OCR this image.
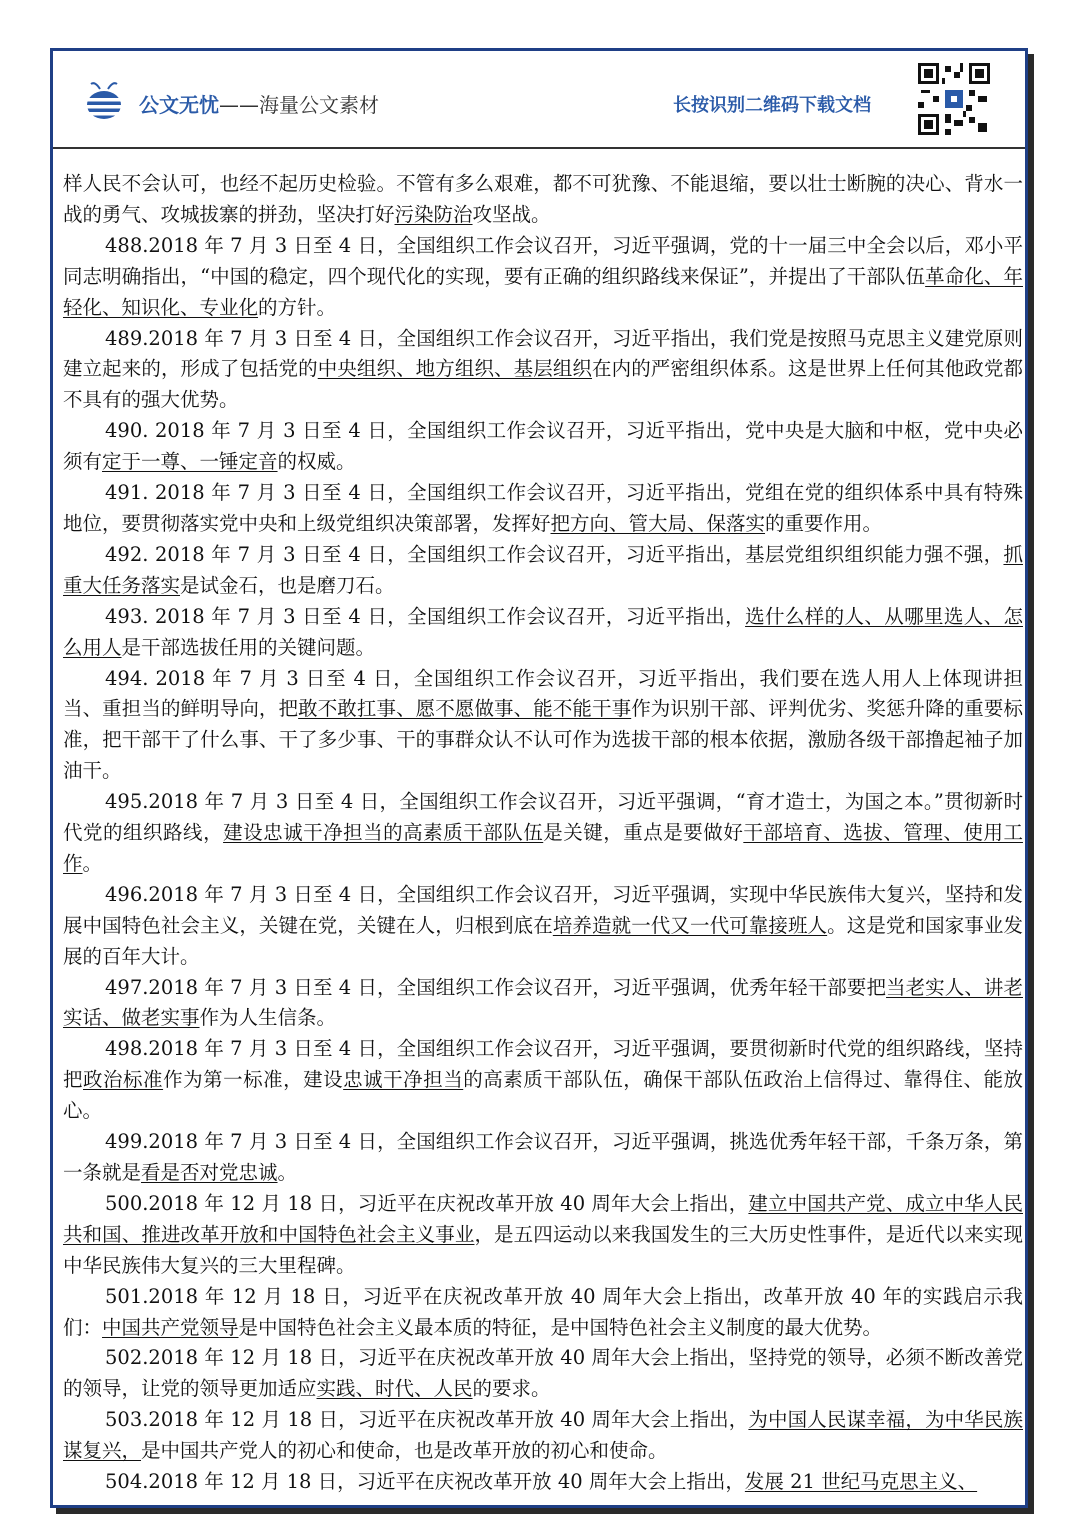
公文无忧——海量公文素材	长按识别二维码下载文档

样人民不会认可，也经不起历史检验。不管有多么艰难，都不可犹豫、不能退缩，要以壮士断腕的决心、背水一战的勇气、攻城拔寨的拼劲，坚决打好污染防治攻坚战。

488.2018 年 7 月 3 日至 4 日，全国组织工作会议召开，习近平强调，党的十一届三中全会以后，邓小平同志明确指出，“中国的稳定，四个现代化的实现，要有正确的组织路线来保证”，并提出了干部队伍革命化、年轻化、知识化、专业化的方针。

489.2018 年 7 月 3 日至 4 日，全国组织工作会议召开，习近平指出，我们党是按照马克思主义建党原则建立起来的，形成了包括党的中央组织、地方组织、基层组织在内的严密组织体系。这是世界上任何其他政党都不具有的强大优势。

490. 2018 年 7 月 3 日至 4 日，全国组织工作会议召开，习近平指出，党中央是大脑和中枢，党中央必须有定于一尊、一锤定音的权威。

491. 2018 年 7 月 3 日至 4 日，全国组织工作会议召开，习近平指出，党组在党的组织体系中具有特殊地位，要贯彻落实党中央和上级党组织决策部署，发挥好把方向、管大局、保落实的重要作用。

492. 2018 年 7 月 3 日至 4 日，全国组织工作会议召开，习近平指出，基层党组织组织能力强不强，抓重大任务落实是试金石，也是磨刀石。

493. 2018 年 7 月 3 日至 4 日，全国组织工作会议召开，习近平指出，选什么样的人、从哪里选人、怎么用人是干部选拔任用的关键问题。

494. 2018 年 7 月 3 日至 4 日，全国组织工作会议召开，习近平指出，我们要在选人用人上体现讲担当、重担当的鲜明导向，把敢不敢扛事、愿不愿做事、能不能干事作为识别干部、评判优劣、奖惩升降的重要标准，把干部干了什么事、干了多少事、干的事群众认不认可作为选拔干部的根本依据，激励各级干部撸起袖子加油干。

495.2018 年 7 月 3 日至 4 日，全国组织工作会议召开，习近平强调，“育才造士，为国之本。”贯彻新时代党的组织路线，建设忠诚干净担当的高素质干部队伍是关键，重点是要做好干部培育、选拔、管理、使用工作。

496.2018 年 7 月 3 日至 4 日，全国组织工作会议召开，习近平强调，实现中华民族伟大复兴，坚持和发展中国特色社会主义，关键在党，关键在人，归根到底在培养造就一代又一代可靠接班人。这是党和国家事业发展的百年大计。

497.2018 年 7 月 3 日至 4 日，全国组织工作会议召开，习近平强调，优秀年轻干部要把当老实人、讲老实话、做老实事作为人生信条。

498.2018 年 7 月 3 日至 4 日，全国组织工作会议召开，习近平强调，要贯彻新时代党的组织路线，坚持把政治标准作为第一标准，建设忠诚干净担当的高素质干部队伍，确保干部队伍政治上信得过、靠得住、能放心。

499.2018 年 7 月 3 日至 4 日，全国组织工作会议召开，习近平强调，挑选优秀年轻干部，千条万条，第一条就是看是否对党忠诚。

500.2018 年 12 月 18 日，习近平在庆祝改革开放 40 周年大会上指出，建立中国共产党、成立中华人民共和国、推进改革开放和中国特色社会主义事业，是五四运动以来我国发生的三大历史性事件，是近代以来实现中华民族伟大复兴的三大里程碑。

501.2018 年 12 月 18 日，习近平在庆祝改革开放 40 周年大会上指出，改革开放 40 年的实践启示我们：中国共产党领导是中国特色社会主义最本质的特征，是中国特色社会主义制度的最大优势。

502.2018 年 12 月 18 日，习近平在庆祝改革开放 40 周年大会上指出，坚持党的领导，必须不断改善党的领导，让党的领导更加适应实践、时代、人民的要求。

503.2018 年 12 月 18 日，习近平在庆祝改革开放 40 周年大会上指出，为中国人民谋幸福，为中华民族谋复兴，是中国共产党人的初心和使命，也是改革开放的初心和使命。

504.2018 年 12 月 18 日，习近平在庆祝改革开放 40 周年大会上指出，发展 21 世纪马克思主义、
